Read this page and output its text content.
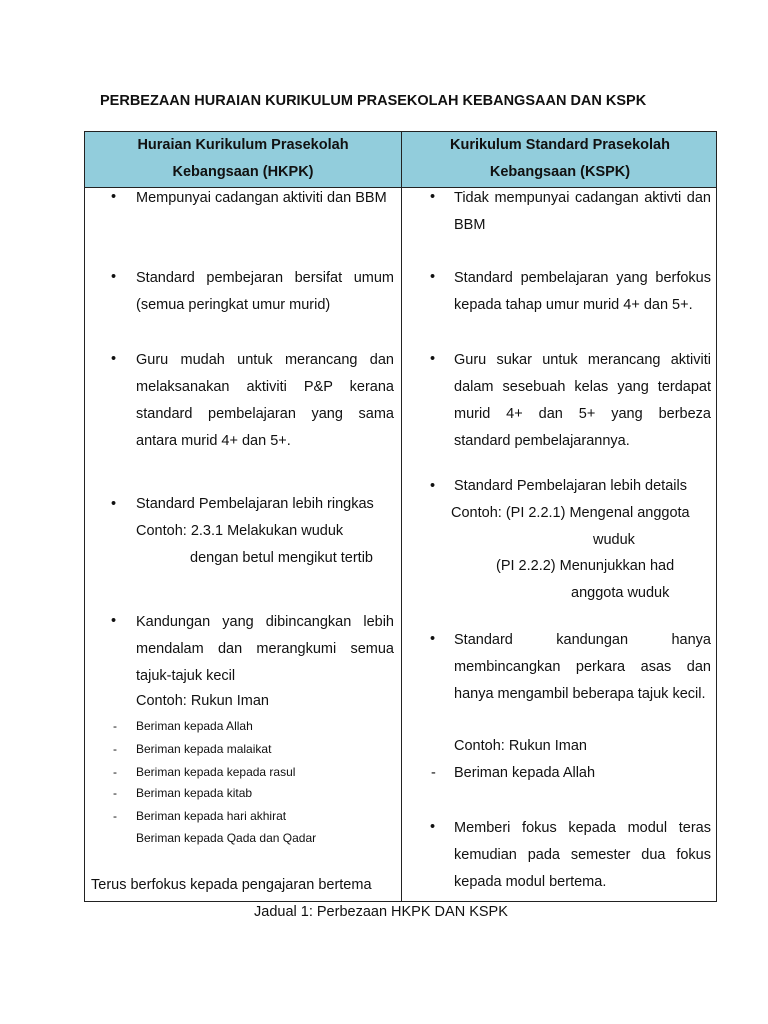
PERBEZAAN HURAIAN KURIKULUM PRASEKOLAH KEBANGSAAN DAN KSPK
Huraian Kurikulum Prasekolah
Kebangsaan (HKPK)
Kurikulum Standard Prasekolah
Kebangsaan (KSPK)
• Mempunyai cadangan aktiviti dan BBM
• Standard pembejaran bersifat umum (semua peringkat umur murid)
• Guru mudah untuk merancang dan melaksanakan aktiviti P&P kerana standard pembelajaran yang sama antara murid 4+ dan 5+.
• Standard Pembelajaran lebih ringkas
Contoh: 2.3.1 Melakukan wuduk
dengan betul mengikut tertib
• Kandungan yang dibincangkan lebih mendalam dan merangkumi semua tajuk-tajuk kecil
Contoh: Rukun Iman
- Beriman kepada Allah
- Beriman kepada malaikat
- Beriman kepada kepada rasul
- Beriman kepada kitab
- Beriman kepada hari akhirat
Beriman kepada Qada dan Qadar
Terus berfokus kepada pengajaran bertema
• Tidak mempunyai cadangan aktivti dan BBM
• Standard pembelajaran yang berfokus kepada tahap umur murid 4+ dan 5+.
• Guru sukar untuk merancang aktiviti dalam sesebuah kelas yang terdapat murid 4+ dan 5+ yang berbeza standard pembelajarannya.
• Standard Pembelajaran lebih details
Contoh: (PI 2.2.1) Mengenal anggota
wuduk
(PI 2.2.2) Menunjukkan had
anggota wuduk
• Standard kandungan hanya membincangkan perkara asas dan hanya mengambil beberapa tajuk kecil.
Contoh: Rukun Iman
- Beriman kepada Allah
• Memberi fokus kepada modul teras kemudian pada semester dua fokus kepada modul bertema.
Jadual 1: Perbezaan HKPK DAN KSPK
